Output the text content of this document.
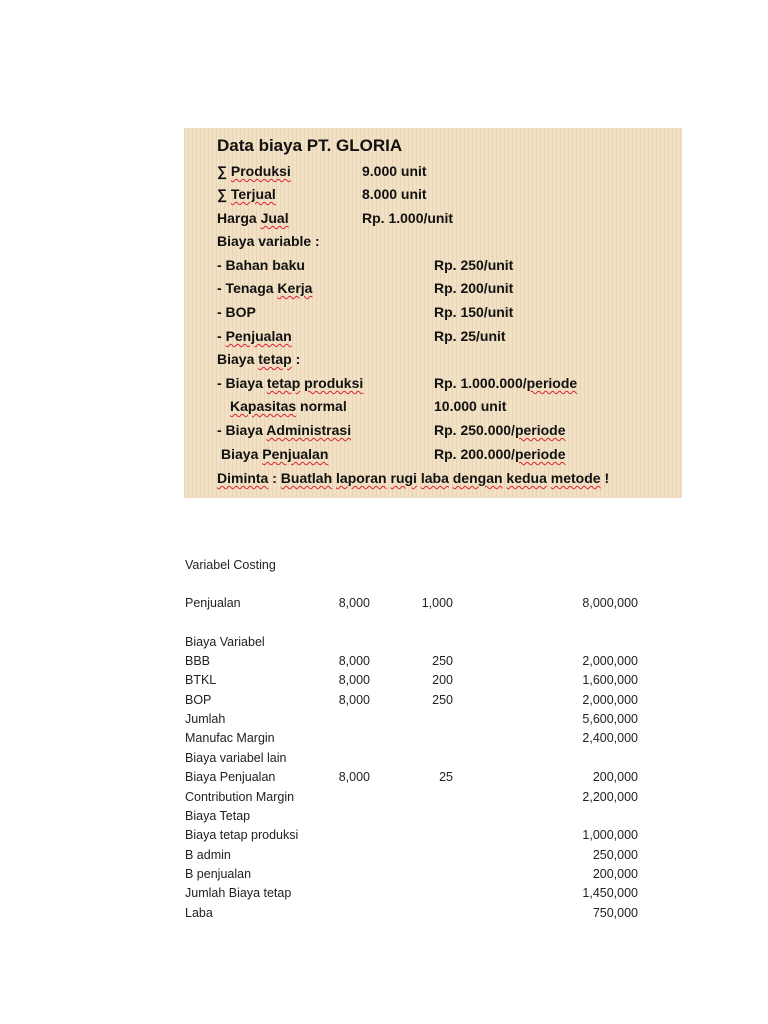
Data biaya PT. GLORIA
∑ Produksi	9.000 unit
∑ Terjual	8.000 unit
Harga Jual	Rp. 1.000/unit
Biaya variable :
- Bahan baku	Rp. 250/unit
- Tenaga Kerja	Rp. 200/unit
- BOP	Rp. 150/unit
- Penjualan	Rp. 25/unit
Biaya tetap :
- Biaya tetap produksi	Rp. 1.000.000/periode
Kapasitas normal	10.000 unit
- Biaya Administrasi	Rp. 250.000/periode
Biaya Penjualan	Rp. 200.000/periode
Diminta : Buatlah laporan rugi laba dengan kedua metode !
Variabel Costing
Penjualan	8,000	1,000	8,000,000
Biaya Variabel
BBB	8,000	250	2,000,000
BTKL	8,000	200	1,600,000
BOP	8,000	250	2,000,000
Jumlah	5,600,000
Manufac Margin	2,400,000
Biaya variabel lain
Biaya Penjualan	8,000	25	200,000
Contribution Margin	2,200,000
Biaya Tetap
Biaya tetap produksi	1,000,000
B admin	250,000
B penjualan	200,000
Jumlah Biaya tetap	1,450,000
Laba	750,000
